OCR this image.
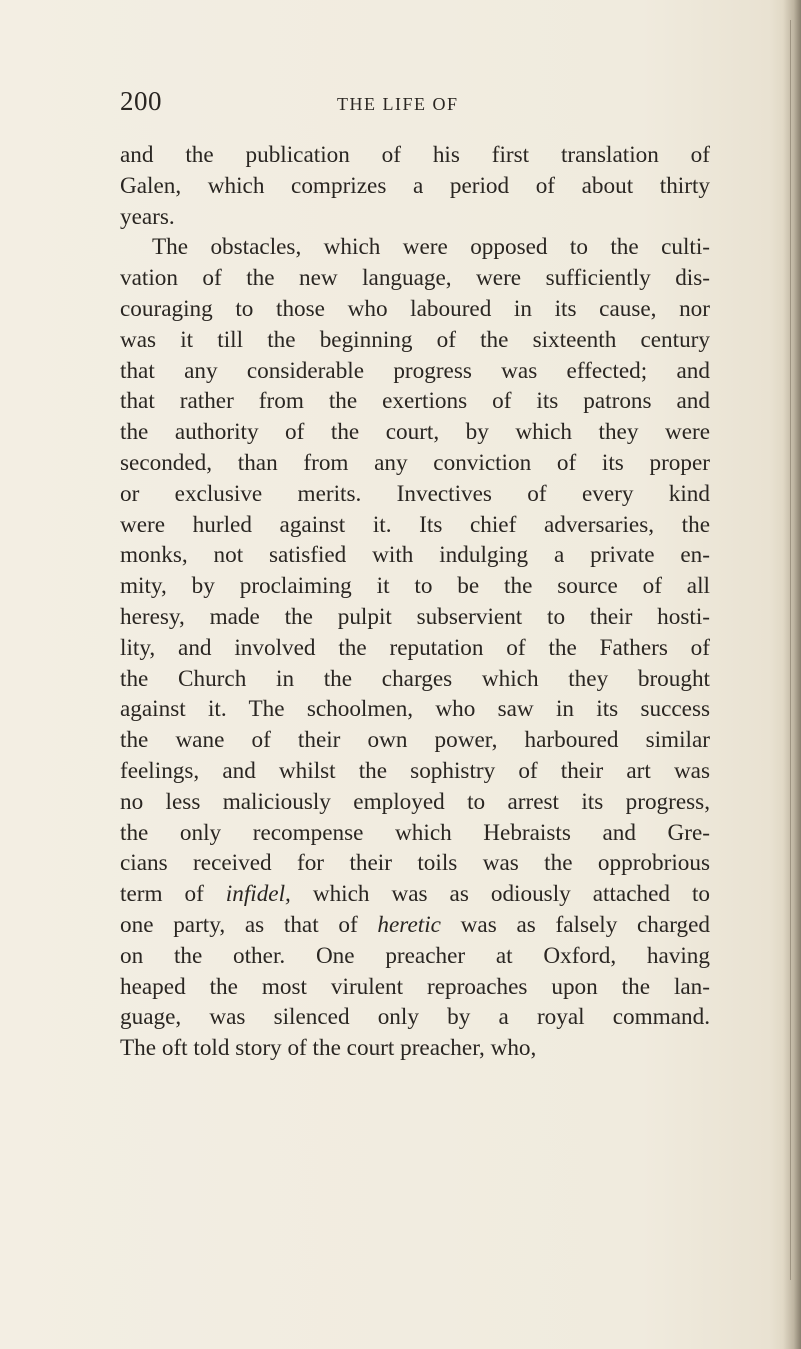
200	THE LIFE OF
and the publication of his first translation of
Galen, which comprizes a period of about thirty
years.
The obstacles, which were opposed to the culti-
vation of the new language, were sufficiently dis-
couraging to those who laboured in its cause, nor
was it till the beginning of the sixteenth century
that any considerable progress was effected; and
that rather from the exertions of its patrons and
the authority of the court, by which they were
seconded, than from any conviction of its proper
or exclusive merits. Invectives of every kind
were hurled against it. Its chief adversaries, the
monks, not satisfied with indulging a private en-
mity, by proclaiming it to be the source of all
heresy, made the pulpit subservient to their hosti-
lity, and involved the reputation of the Fathers of
the Church in the charges which they brought
against it. The schoolmen, who saw in its success
the wane of their own power, harboured similar
feelings, and whilst the sophistry of their art was
no less maliciously employed to arrest its progress,
the only recompense which Hebraists and Gre-
cians received for their toils was the opprobrious
term of infidel, which was as odiously attached to
one party, as that of heretic was as falsely charged
on the other. One preacher at Oxford, having
heaped the most virulent reproaches upon the lan-
guage, was silenced only by a royal command.
The oft told story of the court preacher, who,
